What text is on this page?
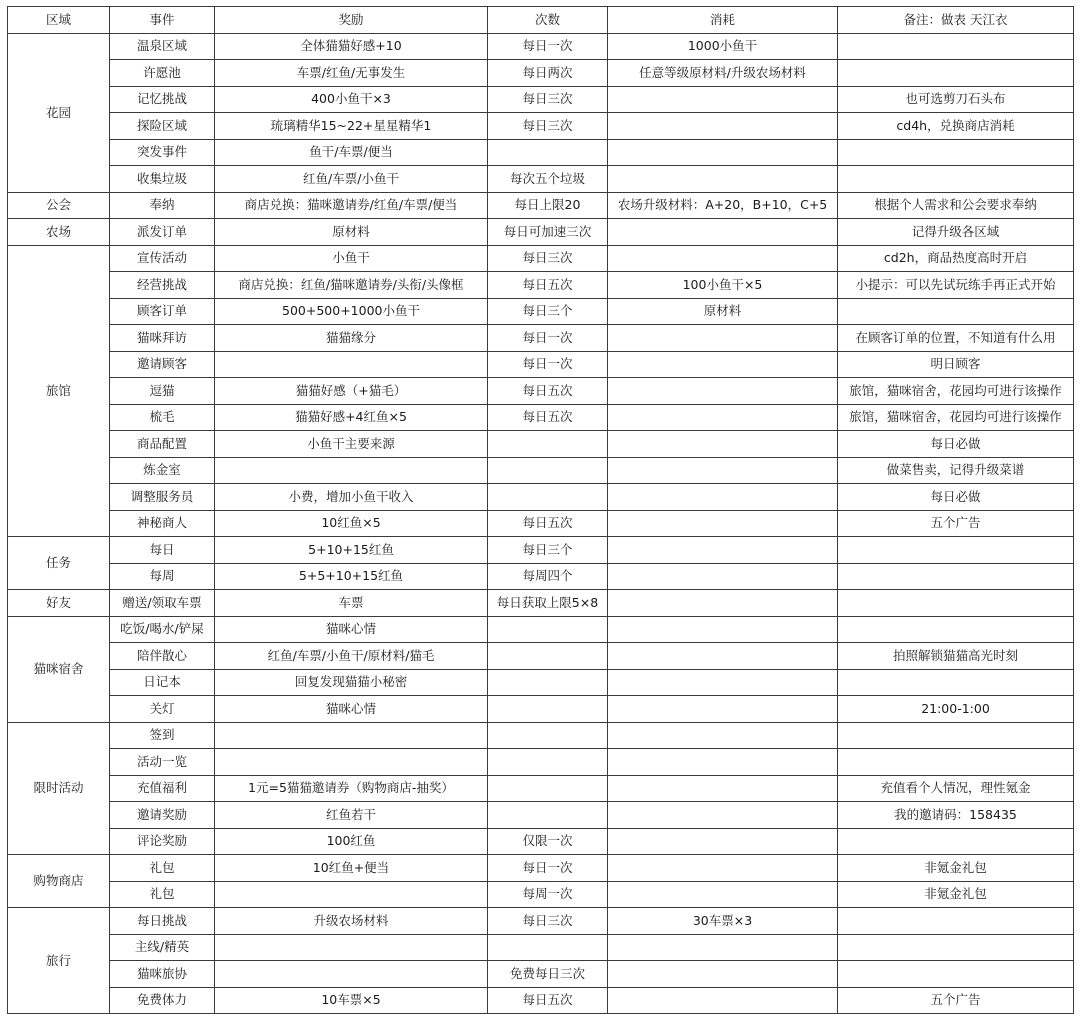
区域	事件	奖励	次数	消耗	备注：做表 天江衣
花园	温泉区域	全体猫猫好感+10	每日一次	1000小鱼干	
	许愿池	车票/红鱼/无事发生	每日两次	任意等级原材料/升级农场材料	
	记忆挑战	400小鱼干×3	每日三次		也可选剪刀石头布
	探险区域	琉璃精华15~22+星星精华1	每日三次		cd4h，兑换商店消耗
	突发事件	鱼干/车票/便当			
	收集垃圾	红鱼/车票/小鱼干	每次五个垃圾		
公会	奉纳	商店兑换：猫咪邀请券/红鱼/车票/便当	每日上限20	农场升级材料：A+20，B+10，C+5	根据个人需求和公会要求奉纳
农场	派发订单	原材料	每日可加速三次		记得升级各区域
旅馆	宣传活动	小鱼干	每日三次		cd2h，商品热度高时开启
	经营挑战	商店兑换：红鱼/猫咪邀请券/头衔/头像框	每日五次	100小鱼干×5	小提示：可以先试玩练手再正式开始
	顾客订单	500+500+1000小鱼干	每日三个	原材料	
	猫咪拜访	猫猫缘分	每日一次		在顾客订单的位置，不知道有什么用
	邀请顾客		每日一次		明日顾客
	逗猫	猫猫好感（+猫毛）	每日五次		旅馆，猫咪宿舍，花园均可进行该操作
	梳毛	猫猫好感+4红鱼×5	每日五次		旅馆，猫咪宿舍，花园均可进行该操作
	商品配置	小鱼干主要来源			每日必做
	炼金室				做菜售卖，记得升级菜谱
	调整服务员	小费，增加小鱼干收入			每日必做
	神秘商人	10红鱼×5	每日五次		五个广告
任务	每日	5+10+15红鱼	每日三个		
	每周	5+5+10+15红鱼	每周四个		
好友	赠送/领取车票	车票	每日获取上限5×8		
猫咪宿舍	吃饭/喝水/铲屎	猫咪心情			
	陪伴散心	红鱼/车票/小鱼干/原材料/猫毛			拍照解锁猫猫高光时刻
	日记本	回复发现猫猫小秘密			
	关灯	猫咪心情			21:00-1:00
限时活动	签到				
	活动一览				
	充值福利	1元=5猫猫邀请券（购物商店-抽奖）			充值看个人情况，理性氪金
	邀请奖励	红鱼若干			我的邀请码：158435
	评论奖励	100红鱼	仅限一次		
购物商店	礼包	10红鱼+便当	每日一次		非氪金礼包
	礼包		每周一次		非氪金礼包
旅行	每日挑战	升级农场材料	每日三次	30车票×3	
	主线/精英				
	猫咪旅协		免费每日三次		
	免费体力	10车票×5	每日五次		五个广告
